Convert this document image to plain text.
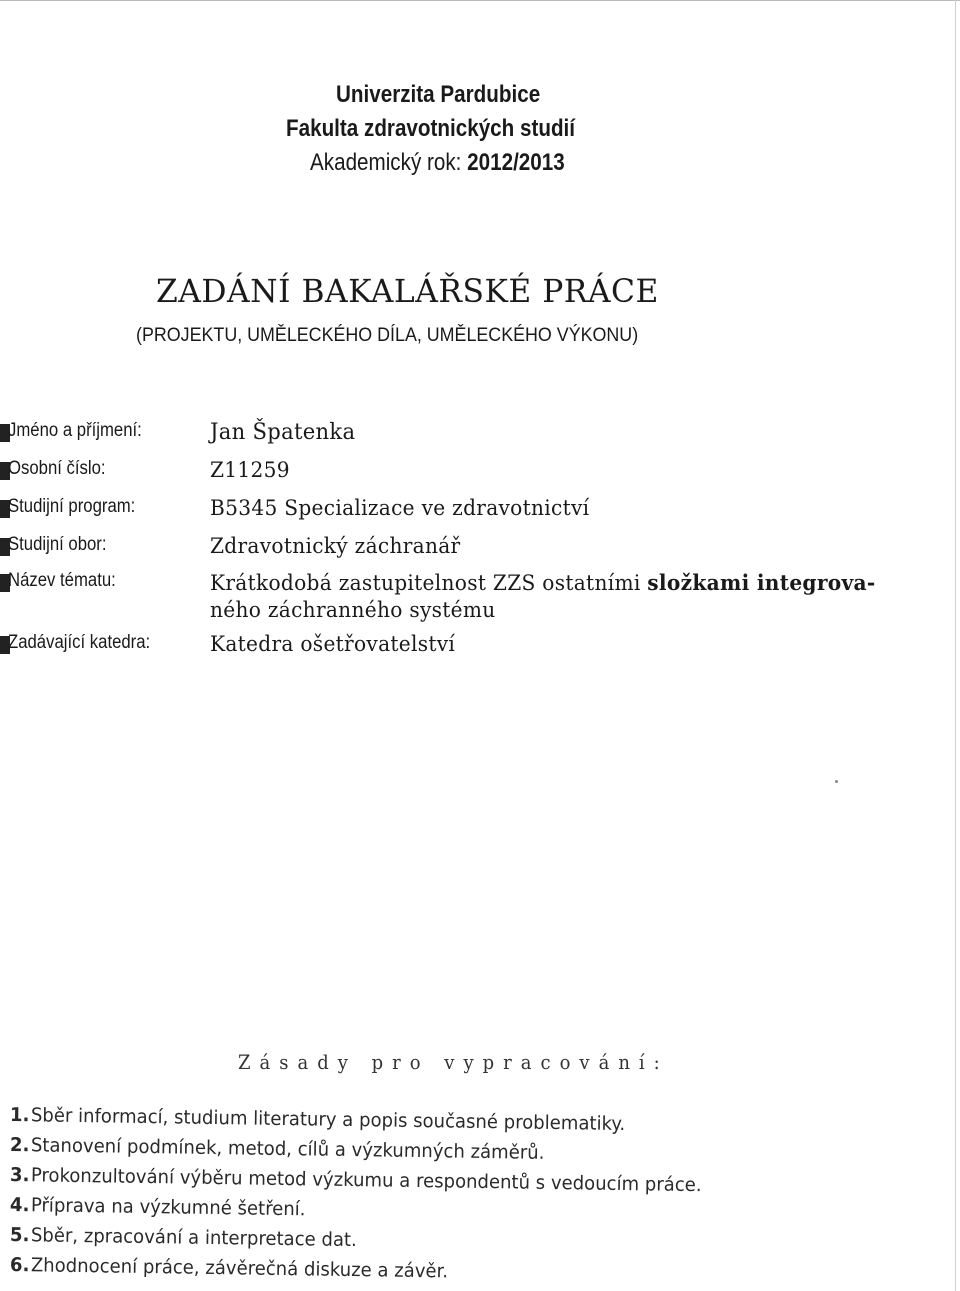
Univerzita Pardubice
Fakulta zdravotnických studií
Akademický rok: 2012/2013
ZADÁNÍ BAKALÁŘSKÉ PRÁCE
(PROJEKTU, UMĚLECKÉHO DÍLA, UMĚLECKÉHO VÝKONU)
Jméno a příjmení:	Jan Špatenka
Osobní číslo:	Z11259
Studijní program:	B5345 Specializace ve zdravotnictví
Studijní obor:	Zdravotnický záchranář
Název tématu:	Krátkodobá zastupitelnost ZZS ostatními složkami integrova-
ného záchranného systému
Zadávající katedra:	Katedra ošetřovatelství
Zásady pro vypracování:
1.Sběr informací, studium literatury a popis současné problematiky.
2.Stanovení podmínek, metod, cílů a výzkumných záměrů.
3.Prokonzultování výběru metod výzkumu a respondentů s vedoucím práce.
4.Příprava na výzkumné šetření.
5.Sběr, zpracování a interpretace dat.
6.Zhodnocení práce, závěrečná diskuze a závěr.
